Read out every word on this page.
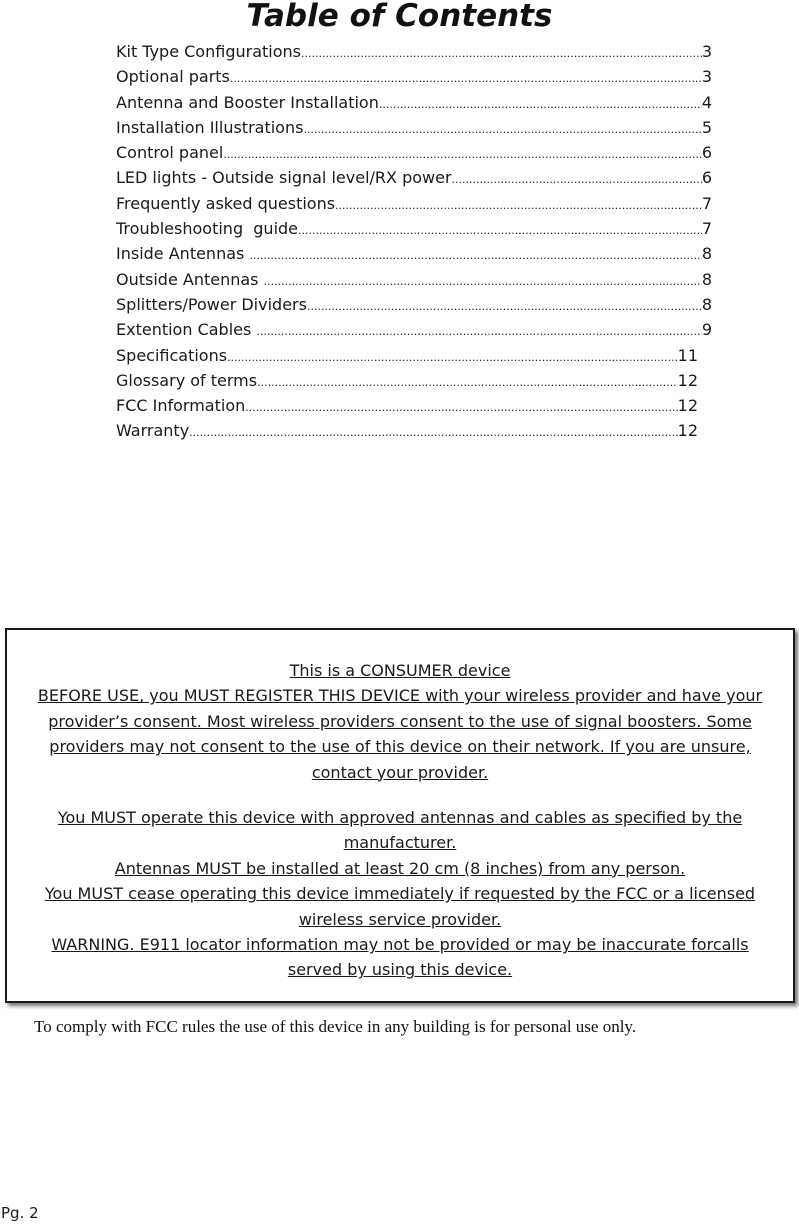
Table of Contents
Kit Type Configurations .....	3
Optional parts .....	3
Antenna and Booster Installation .....	4
Installation Illustrations .....	5
Control panel .....	6
LED lights - Outside signal level/RX power .....	6
Frequently asked questions .....	7
Troubleshooting  guide .....	7
Inside Antennas .....	8
Outside Antennas .....	8
Splitters/Power Dividers .....	8
Extention Cables .....	9
Specifications .....	11
Glossary of terms .....	12
FCC Information .....	12
Warranty .....	12

This is a CONSUMER device

BEFORE USE, you MUST REGISTER THIS DEVICE with your wireless provider and have your provider’s consent. Most wireless providers consent to the use of signal boosters. Some providers may not consent to the use of this device on their network. If you are unsure, contact your provider.

You MUST operate this device with approved antennas and cables as specified by the manufacturer.

Antennas MUST be installed at least 20 cm (8 inches) from any person.

You MUST cease operating this device immediately if requested by the FCC or a licensed wireless service provider.

WARNING. E911 locator information may not be provided or may be inaccurate forcalls served by using this device.

To comply with FCC rules the use of this device in any building is for personal use only.

Pg. 2
